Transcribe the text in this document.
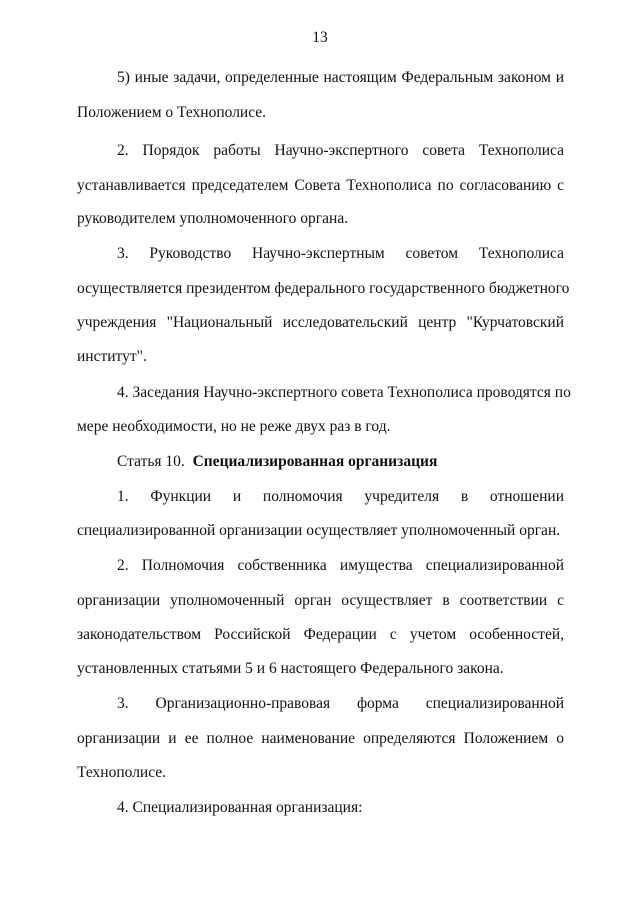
13
5) иные задачи, определенные настоящим Федеральным законом и
Положением о Технополисе.
2. Порядок работы Научно-экспертного совета Технополиса
устанавливается председателем Совета Технополиса по согласованию с
руководителем уполномоченного органа.
3. Руководство Научно-экспертным советом Технополиса
осуществляется президентом федерального государственного бюджетного
учреждения "Национальный исследовательский центр "Курчатовский
институт".
4. Заседания Научно-экспертного совета Технополиса проводятся по
мере необходимости, но не реже двух раз в год.
Статья 10. Специализированная организация
1. Функции и полномочия учредителя в отношении
специализированной организации осуществляет уполномоченный орган.
2. Полномочия собственника имущества специализированной
организации уполномоченный орган осуществляет в соответствии с
законодательством Российской Федерации с учетом особенностей,
установленных статьями 5 и 6 настоящего Федерального закона.
3. Организационно-правовая форма специализированной
организации и ее полное наименование определяются Положением о
Технополисе.
4. Специализированная организация:
